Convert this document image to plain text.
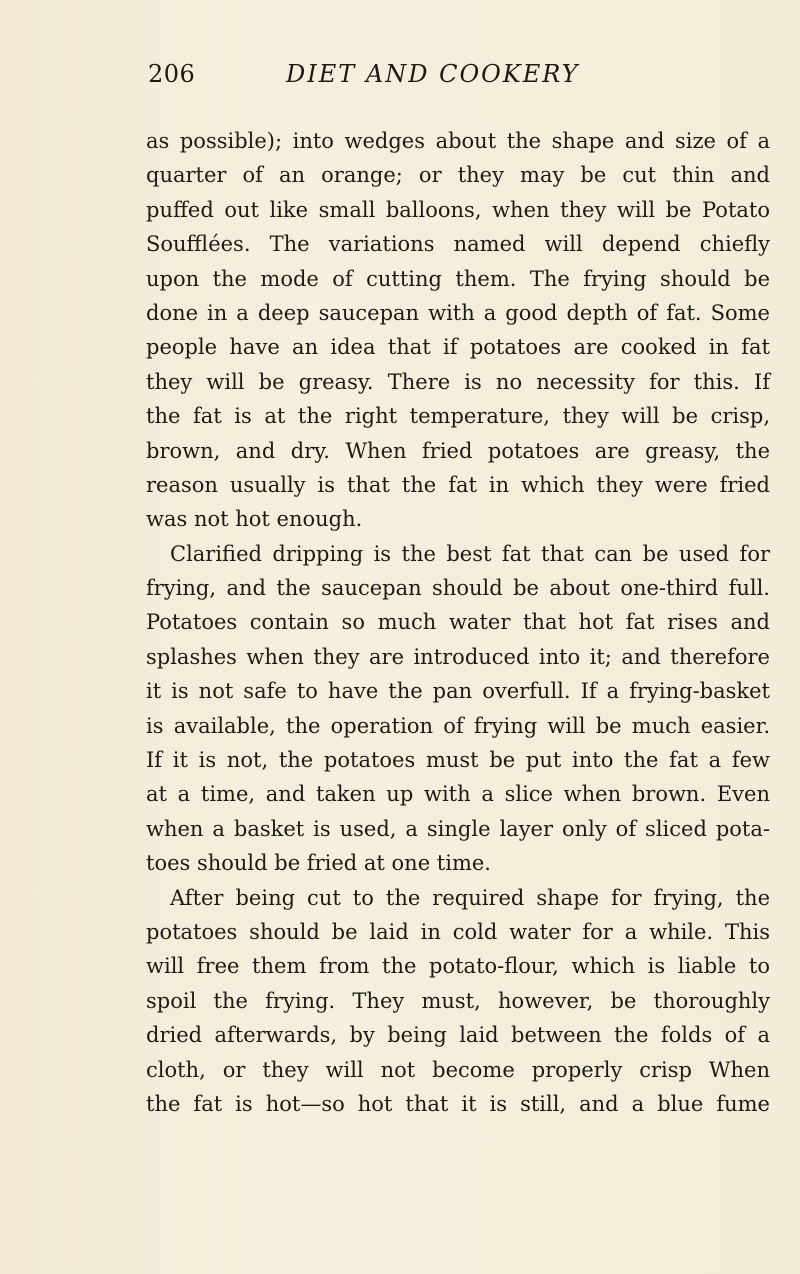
206	DIET AND COOKERY
as possible); into wedges about the shape and size of a
quarter of an orange; or they may be cut thin and
puffed out like small balloons, when they will be Potato
Soufflées. The variations named will depend chiefly
upon the mode of cutting them. The frying should be
done in a deep saucepan with a good depth of fat. Some
people have an idea that if potatoes are cooked in fat
they will be greasy. There is no necessity for this. If
the fat is at the right temperature, they will be crisp,
brown, and dry. When fried potatoes are greasy, the
reason usually is that the fat in which they were fried
was not hot enough.
Clarified dripping is the best fat that can be used for
frying, and the saucepan should be about one-third full.
Potatoes contain so much water that hot fat rises and
splashes when they are introduced into it; and therefore
it is not safe to have the pan overfull. If a frying-basket
is available, the operation of frying will be much easier.
If it is not, the potatoes must be put into the fat a few
at a time, and taken up with a slice when brown. Even
when a basket is used, a single layer only of sliced pota-
toes should be fried at one time.
After being cut to the required shape for frying, the
potatoes should be laid in cold water for a while. This
will free them from the potato-flour, which is liable to
spoil the frying. They must, however, be thoroughly
dried afterwards, by being laid between the folds of a
cloth, or they will not become properly crisp When
the fat is hot—so hot that it is still, and a blue fume
